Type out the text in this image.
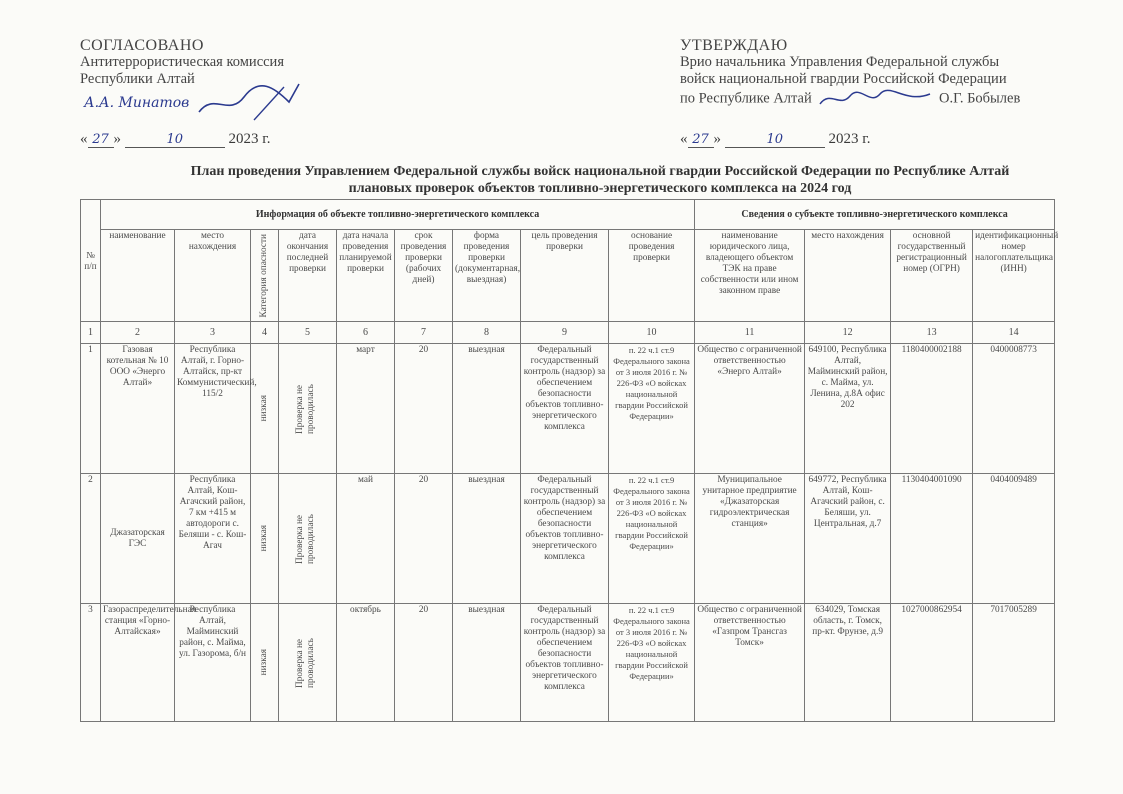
СОГЛАСОВАНО
Антитеррористическая комиссия
Республики Алтай
А.А. Минатов
« 27 »	10	2023 г.
УТВЕРЖДАЮ
Врио начальника Управления Федеральной службы
войск национальной гвардии Российской Федерации
по Республике Алтай	О.Г. Бобылев
« 27 »	10	2023 г.
План проведения Управлением Федеральной службы войск национальной гвардии Российской Федерации по Республике Алтай
плановых проверок объектов топливно-энергетического комплекса на 2024 год
№ п/п	Информация об объекте топливно-энергетического комплекса									Сведения о субъекте топливно-энергетического комплекса			
	наименование	место нахождения	Категория опасности	дата окончания последней проверки	дата начала проведения планируемой проверки	срок проведения проверки (рабочих дней)	форма проведения проверки (документарная, выездная)	цель проведения проверки	основание проведения проверки	наименование юридического лица, владеющего объектом ТЭК на праве собственности или ином законном праве	место нахождения	основной государственный регистрационный номер (ОГРН)	идентификационный номер налогоплательщика (ИНН)
1	2	3	4	5	6	7	8	9	10	11	12	13	14
1	Газовая котельная № 10 ООО «Энерго Алтай»	Республика Алтай, г. Горно-Алтайск, пр-кт Коммунистический, 115/2	низкая	Проверка не проводилась	март	20	выездная	Федеральный государственный контроль (надзор) за обеспечением безопасности объектов топливно-энергетического комплекса	п. 22 ч.1 ст.9 Федерального закона от 3 июля 2016 г. № 226-ФЗ «О войсках национальной гвардии Российской Федерации»	Общество с ограниченной ответственностью «Энерго Алтай»	649100, Республика Алтай, Майминский район, с. Майма, ул. Ленина, д.8А офис 202	1180400002188	0400008773
2	Джазаторская ГЭС	Республика Алтай, Кош-Агачский район, 7 км +415 м автодороги с. Беляши - с. Кош-Агач	низкая	Проверка не проводилась	май	20	выездная	Федеральный государственный контроль (надзор) за обеспечением безопасности объектов топливно-энергетического комплекса	п. 22 ч.1 ст.9 Федерального закона от 3 июля 2016 г. № 226-ФЗ «О войсках национальной гвардии Российской Федерации»	Муниципальное унитарное предприятие «Джазаторская гидроэлектрическая станция»	649772, Республика Алтай, Кош-Агачский район, с. Беляши, ул. Центральная, д.7	1130404001090	0404009489
3	Газораспределительная станция «Горно-Алтайская»	Республика Алтай, Майминский район, с. Майма, ул. Газорома, б/н	низкая	Проверка не проводилась	октябрь	20	выездная	Федеральный государственный контроль (надзор) за обеспечением безопасности объектов топливно-энергетического комплекса	п. 22 ч.1 ст.9 Федерального закона от 3 июля 2016 г. № 226-ФЗ «О войсках национальной гвардии Российской Федерации»	Общество с ограниченной ответственностью «Газпром Трансгаз Томск»	634029, Томская область, г. Томск, пр-кт. Фрунзе, д.9	1027000862954	7017005289
